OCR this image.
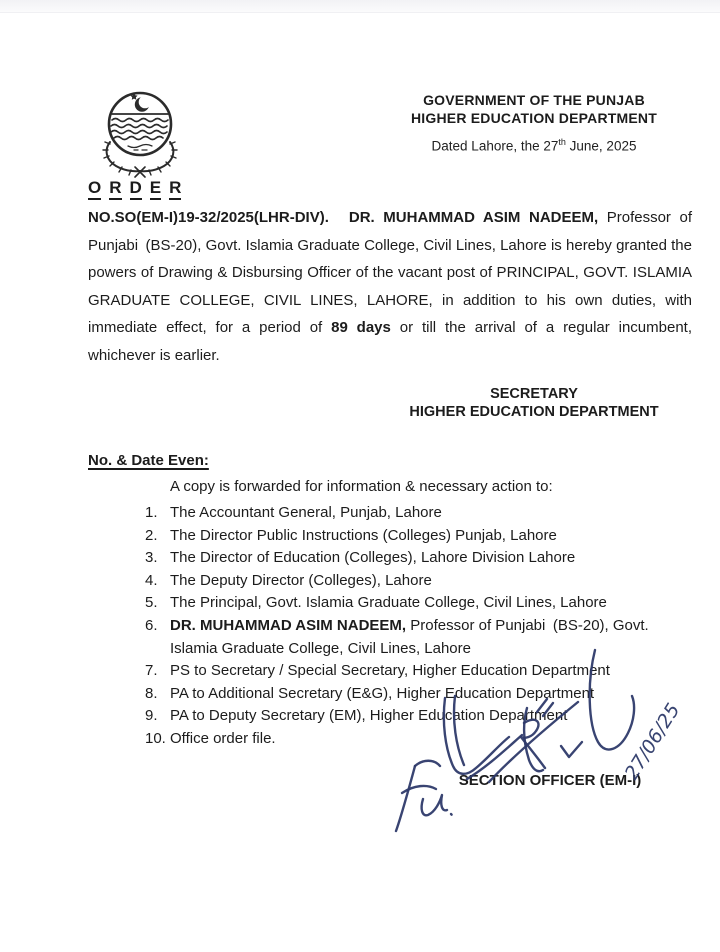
GOVERNMENT OF THE PUNJAB
HIGHER EDUCATION DEPARTMENT
Dated Lahore, the 27th June, 2025
O R D E R
NO.SO(EM-I)19-32/2025(LHR-DIV). DR. MUHAMMAD ASIM NADEEM, Professor of Punjabi (BS-20), Govt. Islamia Graduate College, Civil Lines, Lahore is hereby granted the powers of Drawing & Disbursing Officer of the vacant post of PRINCIPAL, GOVT. ISLAMIA GRADUATE COLLEGE, CIVIL LINES, LAHORE, in addition to his own duties, with immediate effect, for a period of 89 days or till the arrival of a regular incumbent, whichever is earlier.
SECRETARY
HIGHER EDUCATION DEPARTMENT
No. & Date Even:
A copy is forwarded for information & necessary action to:
1. The Accountant General, Punjab, Lahore
2. The Director Public Instructions (Colleges) Punjab, Lahore
3. The Director of Education (Colleges), Lahore Division Lahore
4. The Deputy Director (Colleges), Lahore
5. The Principal, Govt. Islamia Graduate College, Civil Lines, Lahore
6. DR. MUHAMMAD ASIM NADEEM, Professor of Punjabi (BS-20), Govt. Islamia Graduate College, Civil Lines, Lahore
7. PS to Secretary / Special Secretary, Higher Education Department
8. PA to Additional Secretary (E&G), Higher Education Department
9. PA to Deputy Secretary (EM), Higher Education Department
10. Office order file.	27/06/25
SECTION OFFICER (EM-I)
